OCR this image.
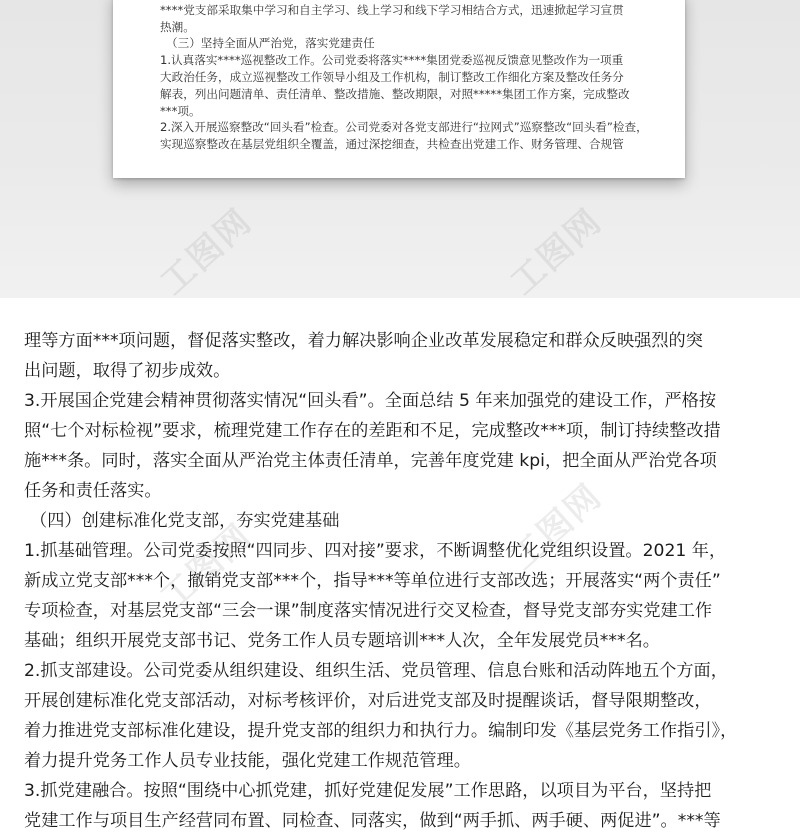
****党支部采取集中学习和自主学习、线上学习和线下学习相结合方式，迅速掀起学习宣贯

热潮。

（三）坚持全面从严治党，落实党建责任

1.认真落实****巡视整改工作。公司党委将落实****集团党委巡视反馈意见整改作为一项重

大政治任务，成立巡视整改工作领导小组及工作机构，制订整改工作细化方案及整改任务分

解表，列出问题清单、责任清单、整改措施、整改期限，对照*****集团工作方案，完成整改

***项。

2.深入开展巡察整改“回头看”检查。公司党委对各党支部进行“拉网式”巡察整改“回头看”检查，

实现巡察整改在基层党组织全覆盖，通过深挖细查，共检查出党建工作、财务管理、合规管

工图网	工图网

理等方面***项问题，督促落实整改，着力解决影响企业改革发展稳定和群众反映强烈的突

出问题，取得了初步成效。

3.开展国企党建会精神贯彻落实情况“回头看”。全面总结 5 年来加强党的建设工作，严格按

照“七个对标检视”要求，梳理党建工作存在的差距和不足，完成整改***项，制订持续整改措

施***条。同时，落实全面从严治党主体责任清单，完善年度党建 kpi，把全面从严治党各项

任务和责任落实。

（四）创建标准化党支部，夯实党建基础

1.抓基础管理。公司党委按照“四同步、四对接”要求，不断调整优化党组织设置。2021 年，

新成立党支部***个，撤销党支部***个，指导***等单位进行支部改选；开展落实“两个责任”

专项检查，对基层党支部“三会一课”制度落实情况进行交叉检查，督导党支部夯实党建工作

基础；组织开展党支部书记、党务工作人员专题培训***人次，全年发展党员***名。

2.抓支部建设。公司党委从组织建设、组织生活、党员管理、信息台账和活动阵地五个方面，

开展创建标准化党支部活动，对标考核评价，对后进党支部及时提醒谈话，督导限期整改，

着力推进党支部标准化建设，提升党支部的组织力和执行力。编制印发《基层党务工作指引》，

着力提升党务工作人员专业技能，强化党建工作规范管理。

3.抓党建融合。按照“围绕中心抓党建，抓好党建促发展”工作思路，以项目为平台，坚持把

党建工作与项目生产经营同布置、同检查、同落实，做到“两手抓、两手硬、两促进”。***等
